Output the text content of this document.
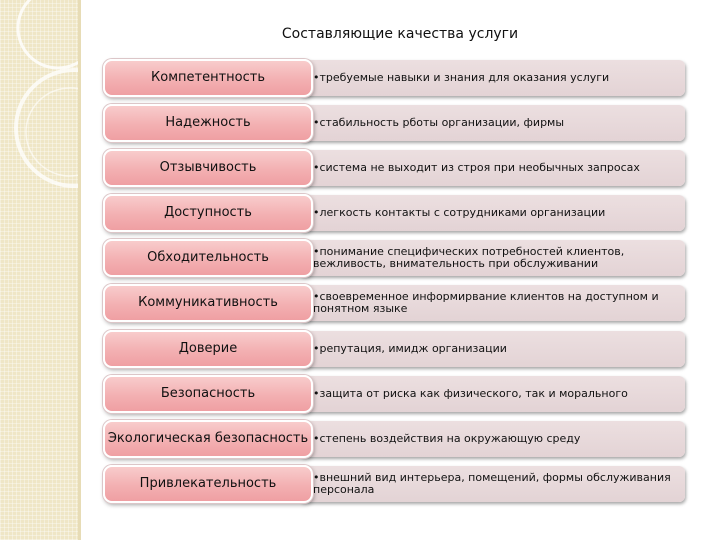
Составляющие качества услуги
Компетентность	•требуемые навыки и знания для оказания услуги
Надежность	•стабильность рботы организации, фирмы
Отзывчивость	•система не выходит из строя при необычных запросах
Доступность	•легкость контакты с сотрудниками организации
Обходительность	•понимание специфических потребностей клиентов, вежливость, внимательность при обслуживании
Коммуникативность	•своевременное информирвание клиентов на доступном и понятном языке
Доверие	•репутация, имидж организации
Безопасность	•защита от риска как физического, так и морального
Экологическая безопасность •степень воздействия на окружающую среду
Привлекательность	•внешний вид интерьера, помещений, формы обслуживания персонала
